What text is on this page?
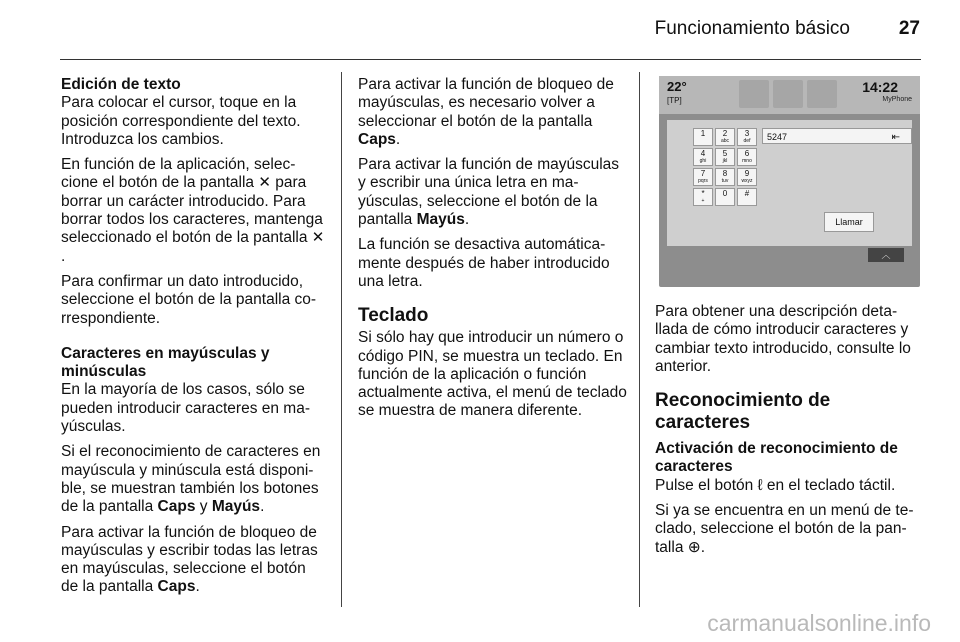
Funcionamiento básico	27
Edición de texto

Para colocar el cursor, toque en la posición correspondiente del texto. Introduzca los cambios.

En función de la aplicación, seleccione el botón de la pantalla ✕ para borrar un carácter introducido. Para borrar todos los caracteres, mantenga seleccionado el botón de la pantalla ✕.

Para confirmar un dato introducido, seleccione el botón de la pantalla correspondiente.

Caracteres en mayúsculas y minúsculas

En la mayoría de los casos, sólo se pueden introducir caracteres en mayúsculas.

Si el reconocimiento de caracteres en mayúscula y minúscula está disponible, se muestran también los botones de la pantalla Caps y Mayús.

Para activar la función de bloqueo de mayúsculas y escribir todas las letras en mayúsculas, seleccione el botón de la pantalla Caps.

Para activar la función de bloqueo de mayúsculas, es necesario volver a seleccionar el botón de la pantalla Caps.

Para activar la función de mayúsculas y escribir una única letra en mayúsculas, seleccione el botón de la pantalla Mayús.

La función se desactiva automáticamente después de haber introducido una letra.

Teclado

Si sólo hay que introducir un número o código PIN, se muestra un teclado. En función de la aplicación o función actualmente activa, el menú de teclado se muestra de manera diferente.

22°
[TP]
14:22
MyPhone
5247	⇤
1	2
abc
3
def
4
ghi
5
jkl
6
mno
7
pqrs
8
tuv
9
wxyz
*
+
0	#
Llamar
︿

Para obtener una descripción detallada de cómo introducir caracteres y cambiar texto introducido, consulte lo anterior.

Reconocimiento de caracteres
Activación de reconocimiento de caracteres

Pulse el botón ℓ en el teclado táctil.

Si ya se encuentra en un menú de teclado, seleccione el botón de la pantalla ⊕.

carmanualsonline.info
